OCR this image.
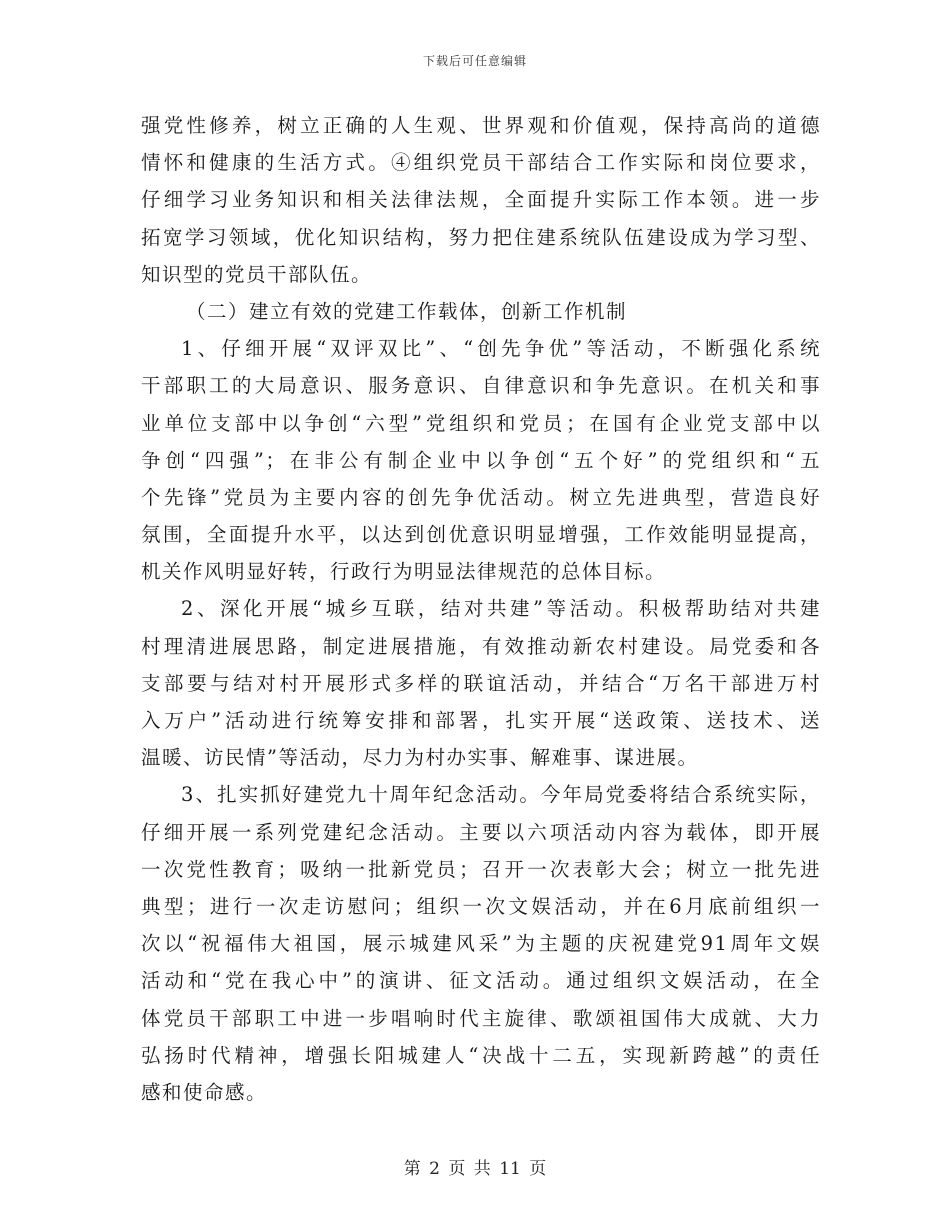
下载后可任意编辑
强党性修养，树立正确的人生观、世界观和价值观，保持高尚的道德
情怀和健康的生活方式。④组织党员干部结合工作实际和岗位要求，
仔细学习业务知识和相关法律法规，全面提升实际工作本领。进一步
拓宽学习领域，优化知识结构，努力把住建系统队伍建设成为学习型、
知识型的党员干部队伍。
（二）建立有效的党建工作载体，创新工作机制
1、仔细开展“双评双比”、“创先争优”等活动，不断强化系统
干部职工的大局意识、服务意识、自律意识和争先意识。在机关和事
业单位支部中以争创“六型”党组织和党员；在国有企业党支部中以
争创“四强”；在非公有制企业中以争创“五个好”的党组织和“五
个先锋”党员为主要内容的创先争优活动。树立先进典型，营造良好
氛围，全面提升水平，以达到创优意识明显增强，工作效能明显提高，
机关作风明显好转，行政行为明显法律规范的总体目标。
2、深化开展“城乡互联，结对共建”等活动。积极帮助结对共建
村理清进展思路，制定进展措施，有效推动新农村建设。局党委和各
支部要与结对村开展形式多样的联谊活动，并结合“万名干部进万村
入万户”活动进行统筹安排和部署，扎实开展“送政策、送技术、送
温暖、访民情”等活动，尽力为村办实事、解难事、谋进展。
3、扎实抓好建党九十周年纪念活动。今年局党委将结合系统实际，
仔细开展一系列党建纪念活动。主要以六项活动内容为载体，即开展
一次党性教育；吸纳一批新党员；召开一次表彰大会；树立一批先进
典型；进行一次走访慰问；组织一次文娱活动，并在6月底前组织一
次以“祝福伟大祖国，展示城建风采”为主题的庆祝建党91周年文娱
活动和“党在我心中”的演讲、征文活动。通过组织文娱活动，在全
体党员干部职工中进一步唱响时代主旋律、歌颂祖国伟大成就、大力
弘扬时代精神，增强长阳城建人“决战十二五，实现新跨越”的责任
感和使命感。
第 2 页 共 11 页
